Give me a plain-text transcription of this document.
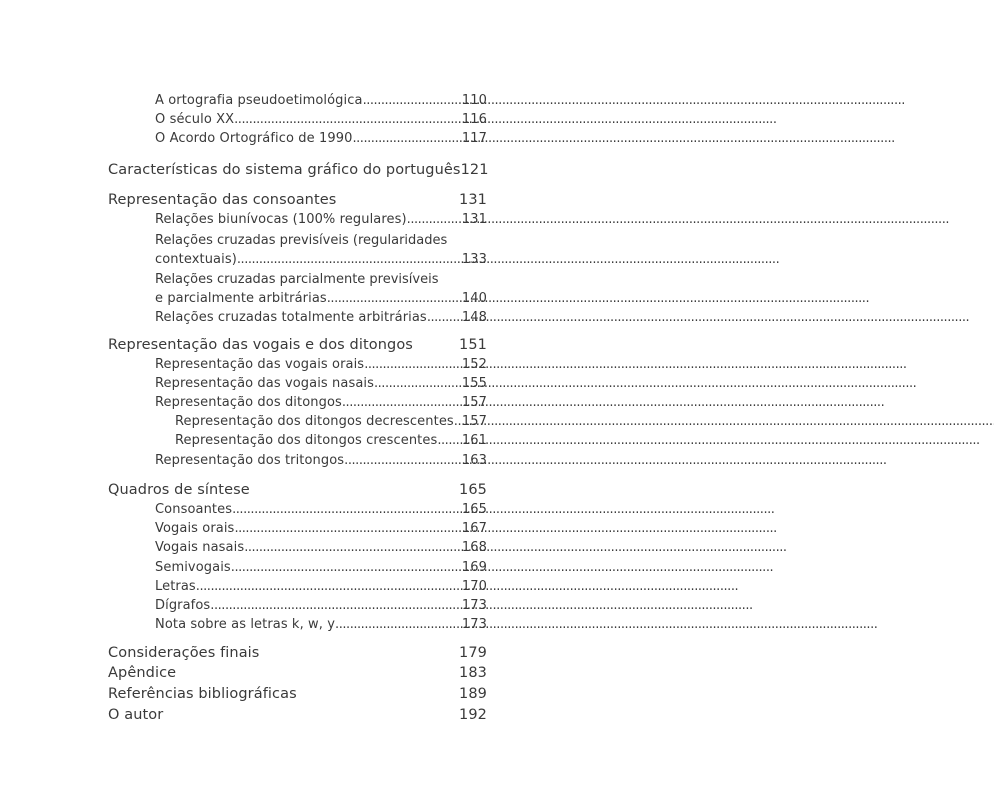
A ortografia pseudoetimológica . . .	110
O século XX . . .	116
O Acordo Ortográfico de 1990 . . .	117
Características do sistema gráfico do português 121
Representação das consoantes	131
Relações biunívocas (100% regulares) . . .	131
Relações cruzadas previsíveis (regularidades
contextuais) . . .	133
Relações cruzadas parcialmente previsíveis
e parcialmente arbitrárias . . .	140
Relações cruzadas totalmente arbitrárias . . .	148
Representação das vogais e dos ditongos	151
Representação das vogais orais . . .	152
Representação das vogais nasais . . .	155
Representação dos ditongos . . .	157
Representação dos ditongos decrescentes . . . 157
Representação dos ditongos crescentes . . . 161
Representação dos tritongos . . .	163
Quadros de síntese	165
Consoantes . . .	165
Vogais orais . . .	167
Vogais nasais . . .	168
Semivogais . . .	169
Letras . . .	170
Dígrafos . . .	173
Nota sobre as letras k, w, y . . .	173
Considerações finais	179
Apêndice	183
Referências bibliográficas	189
O autor	192
